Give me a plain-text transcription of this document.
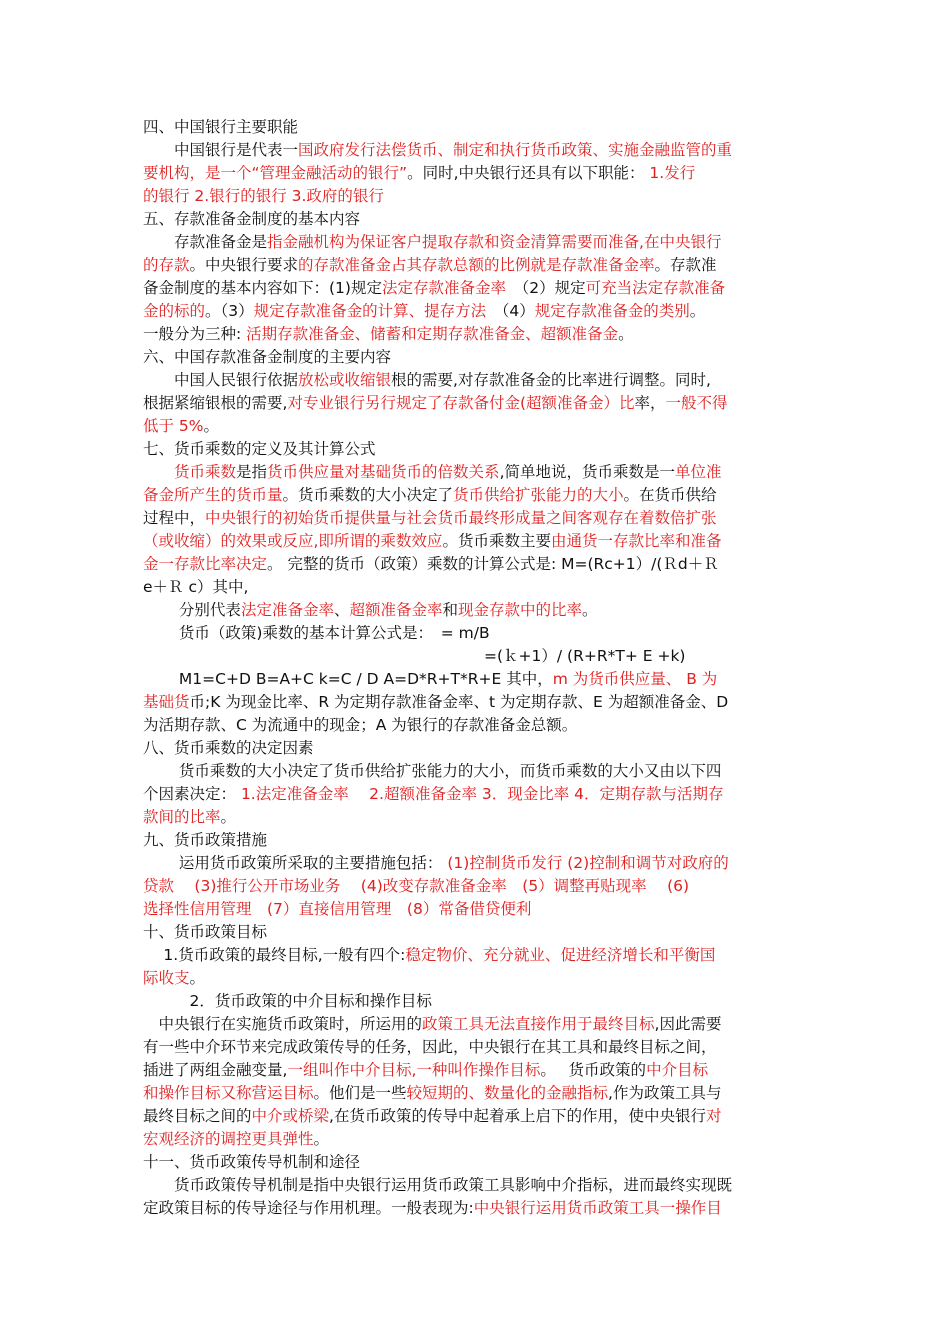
四、中国银行主要职能
　　中国银行是代表一国政府发行法偿货币、制定和执行货币政策、实施金融监管的重
要机构，是一个“管理金融活动的银行”。同时,中央银行还具有以下职能： 1.发行
的银行 2.银行的银行 3.政府的银行
五、存款准备金制度的基本内容
　　存款准备金是指金融机构为保证客户提取存款和资金清算需要而准备,在中央银行
的存款。中央银行要求的存款准备金占其存款总额的比例就是存款准备金率。存款准
备金制度的基本内容如下：(1)规定法定存款准备金率　（2）规定可充当法定存款准备
金的标的。（3）规定存款准备金的计算、提存方法　（4）规定存款准备金的类别。
一般分为三种: 活期存款准备金、储蓄和定期存款准备金、超额准备金。
六、中国存款准备金制度的主要内容
　　中国人民银行依据放松或收缩银根的需要,对存款准备金的比率进行调整。同时,
根据紧缩银根的需要,对专业银行另行规定了存款备付金(超额准备金）比率，一般不得
低于 5%。
七、货币乘数的定义及其计算公式
　　货币乘数是指货币供应量对基础货币的倍数关系,简单地说，货币乘数是一单位准
备金所产生的货币量。货币乘数的大小决定了货币供给扩张能力的大小。在货币供给
过程中，中央银行的初始货币提供量与社会货币最终形成量之间客观存在着数倍扩张
（或收缩）的效果或反应,即所谓的乘数效应。货币乘数主要由通货一存款比率和准备
金一存款比率决定。 完整的货币（政策）乘数的计算公式是: M=(Rc+1）/(Ｒd＋Ｒ
e＋Ｒ c）其中,
　　 分别代表法定准备金率、超额准备金率和现金存款中的比率。
　　 货币（政策)乘数的基本计算公式是：　= m/B
　　　　　　　　　　　　　　　　　　　　　　=(ｋ+1）/ (R+R*T+ E +k)
　　 M1=C+D B=A+C k=C / D A=D*R+T*R+E 其中，m 为货币供应量、 B 为
基础货币;K 为现金比率、R 为定期存款准备金率、t 为定期存款、E 为超额准备金、D
为活期存款、C 为流通中的现金；A 为银行的存款准备金总额。
八、货币乘数的决定因素
　　 货币乘数的大小决定了货币供给扩张能力的大小，而货币乘数的大小又由以下四
个因素决定： 1.法定准备金率　 2.超额准备金率 3．现金比率 4．定期存款与活期存
款间的比率。
九、货币政策措施
　　 运用货币政策所采取的主要措施包括： (1)控制货币发行 (2)控制和调节对政府的
贷款　 (3)推行公开市场业务　 (4)改变存款准备金率　(5）调整再贴现率　 (6)
选择性信用管理　(7）直接信用管理　(8）常备借贷便利
十、货币政策目标
　 1.货币政策的最终目标,一般有四个:稳定物价、充分就业、促进经济增长和平衡国
际收支。
　　　2．货币政策的中介目标和操作目标
　中央银行在实施货币政策时，所运用的政策工具无法直接作用于最终目标,因此需要
有一些中介环节来完成政策传导的任务，因此，中央银行在其工具和最终目标之间，
插进了两组金融变量,一组叫作中介目标,一种叫作操作目标。　 货币政策的中介目标
和操作目标又称营运目标。他们是一些较短期的、数量化的金融指标,作为政策工具与
最终目标之间的中介或桥梁,在货币政策的传导中起着承上启下的作用，使中央银行对
宏观经济的调控更具弹性。
十一、货币政策传导机制和途径
　　货币政策传导机制是指中央银行运用货币政策工具影响中介指标，进而最终实现既
定政策目标的传导途径与作用机理。一般表现为:中央银行运用货币政策工具一操作目
